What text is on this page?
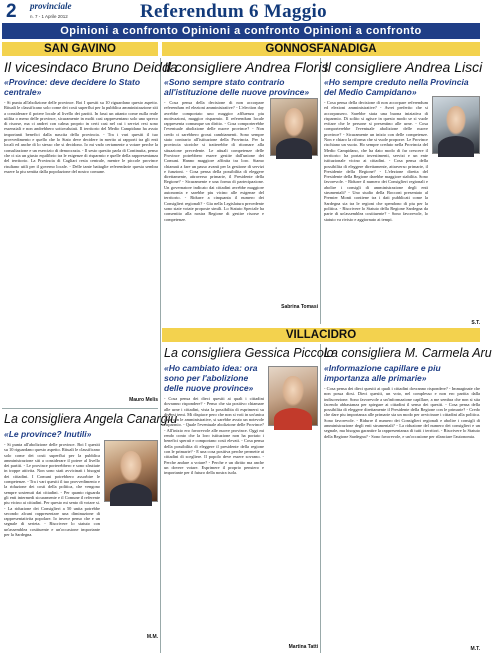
2 provinciale
n. 7 - 1 Aprile 2012	Referendum 6 Maggio
Opinioni a confronto Opinioni a confronto Opinioni a confronto
SAN GAVINO	GONNOSFANADIGA
VILLACIDRO
Il vicesindaco Bruno Deidda
«Province: deve decidere lo Stato centrale»
- Si punta all'abolizione delle province. Boi I quesiti su 10 riguardano questo aspetto. Rituali le classificano solo come dei costi superflui per la pubblica amministrazione siti a considerare il potere locale al livello dei partiti. In fassi un attanto come nulla reale utilita o meno delle province, sicuramente in molti casi rappresentano solo uno spreco di risorse, ma ci andrei con calma proprio in certi casi nel cui i servizi resi sono essenziali e non andrebbero sottovalutati. Il territorio del Medio Campidano ha avuto importanti benefici dalla nascita della provincia. - Tra i vari quesiti il tuo provvedimento e quello che lo Stato deve decidere in merito ai rapporti tra gli enti locali ed anche di lo stesso che si decidono. Io mi vado certamente a votare perche la consultazione e un esercizio di democrazia. - Il sesto quesito parla di Continuita, penso che ci sia un giusto equilibrio tra le esigenze di risparmio e quelle della rappresentanza del territorio. La Provincia di Cagliari resta centrale, mentre le piccole province risultano utili per il governo locale. - Delle tante battaglie referendarie questa sembra essere la piu sentita dalla popolazione del nostro comune.
Mauro Melis
Il consigliere Andrea Floris
«Sono sempre stato contrario all'istituzione delle nuove province»
- Cosa pensa della decisione di non accorpare referendum ed elezioni amministrative? - L'election day avrebbe comportato uno maggior affluenza piu motivazioni, maggior risparmio. Il referendum locale rappresenta comunque un diritto. - Cosa comporterebbe l'eventuale abolizione delle nuove province? - Non credo ci sarebbero grossi cambiamenti. Sono sempre stato contrario all'istituzione della Provincia. Per la provincia storiche si tratterebbe di ritornare alla situazione precedente. Le attuali competenze delle Province potrebbero essere gestite dall'unione dei Comuni. Hanno maggiore affinita tra loro. Siamo chiamati a fare un passo avanti per la gestione di servizi e funzioni. - Cosa pensa della possibilita di eleggere direttamente, attraverso primarie, il Presidente della Regione? - Sicuramente e una forma di partecipazione. Un governatore indicato dai cittadini avrebbe maggiore autonomia e sarebbe piu vicino alle esigenze del territorio. - Ridurre a cinquanta il numero dei Consiglieri regionali? - Gia nella Legislatura precedente sono state votate proposte simili. Lo Statuto Speciale ha consentito alla nostra Regione di gestire risorse e competenze.
Sabrina Tomasi
Il consigliere Andrea Lisci
«Ho sempre creduto nella Provincia del Medio Campidano»
- Cosa pensa della decisione di non accorpare referendum ed elezioni amministrative? - Avrei preferito che si accorpassero. Sarebbe stata una buona iniziativa di risparmio. Di solito si agisce in questo modo se si vuole evitare che le persone si presentino alle urne. - Cosa comporterebbe l'eventuale abolizione delle nuove province? - Sicuramente un inizio con delle competenze. Non e chiaro la riforma che si vuole proporre. Le Province rischiano un vuoto. Ho sempre creduto nella Provincia del Medio Campidano, che ha dato modo di far crescere il territorio: ha portato investimenti, servizi e un ente istituzionale vicino ai cittadini. - Cosa pensa della possibilita di eleggere direttamente, attraverso primarie, il Presidente della Regione? - L'elezione diretta del Presidente della Regione darebbe maggiore stabilita. Sono favorevole. - Ridurre il numero dei Consiglieri regionali e abolire i consigli di amministrazione degli enti strumentali? - Uno studio della Bocconi presentato al Premier Monti contiene tra i dati pubblicati come la Sardegna sia tra le regioni che spendono di piu per la politica. - Riscrivere lo Statuto della Regione Sardegna da parte di un'assemblea costituente? - Sono favorevole, lo statuto va rivisto e aggiornato ai tempi.
S.T.
La consigliera Angela Canargiu
«Le province? Inutili»
- Si punta all'abolizione delle province. Boi I quesiti su 10 riguardano questo aspetto. Rituali le classificano solo come dei costi superflui per la pubblica amministrazione siti a considerare il potere al livello dei partiti. - Le province porterebbero e sono sfruttate in troppe attivita. Non sono stati avvicinati i bisogni dei cittadini. I Comuni potrebbero assorbire le competenze. - Tra i vari quesiti il tuo provvedimento e la riduzione dei costi della politica, che vengono sempre sostenuti dai cittadini. - Per quanto riguarda gli enti intermedi sicuramente e il Comune il referente piu vicino ai cittadini. Per questo mi sento di votare si. - La riduzione dei Consiglieri a 50 unita potrebbe secondo alcuni rappresentare una diminuzione di rappresentativita popolare. Io invece penso che e un segnale di serieta. - Riscrivere lo statuto con un'assemblea costituente e un'occasione importante per la Sardegna.
M.M.
La consigliera Gessica Piccolo
«Ho cambiato idea: ora sono per l'abolizione delle nuove province»
- Cosa pensa dei dieci quesiti ai quali i cittadini dovranno rispondere? - Penso che sia positivo chiamare alle urne i cittadini, vista la possibilita di esprimersi su diversi temi. Mi dispiace pero che non si voti in un'unica data con le amministrative, si sarebbe avuto un notevole risparmio. - Quale l'eventuale abolizione delle Province? - All'inizio ero favorevole alle nuove province. Oggi mi rendo conto che la loro istituzione non ha portato i benefici sperati e comportano costi elevati. - Cosa pensa della possibilita di eleggere il presidente della regione con le primarie? - E una cosa positiva perche permette ai cittadini di scegliere. Il popolo deve essere sovrano. - Perche andare a votare? - Perche e un diritto ma anche un dovere votare. Esprimere il proprio pensiero e importante per il futuro della nostra isola.
Martina Tatti
La consigliera M. Carmela Aru
«Informazione capillare e piu importanza alle primarie»
- Cosa pensa dei dieci quesiti ai quali i cittadini dovranno rispondere? - Immaginate che non possa dirsi. Dieci quesiti, un voto, nel complesso e non ero partita dalla indiscrezione. Sono favorevole a un'informazione capillare, a me sembra che non si stia facendo abbastanza per spiegare ai cittadini il senso dei quesiti. - Cosa pensa della possibilita di eleggere direttamente il Presidente della Regione con le primarie? - Credo che dare piu importanza alle primarie sia un modo per avvicinare i cittadini alla politica. Sono favorevole. - Ridurre il numero dei Consiglieri regionali e abolire i consigli di amministrazione degli enti strumentali? - La riduzione del numero dei consiglieri e un segnale, ma bisogna garantire la rappresentanza di tutti i territori. - Riscrivere lo Statuto della Regione Sardegna? - Sono favorevole, e un'occasione per rilanciare l'autonomia.
M.T.
